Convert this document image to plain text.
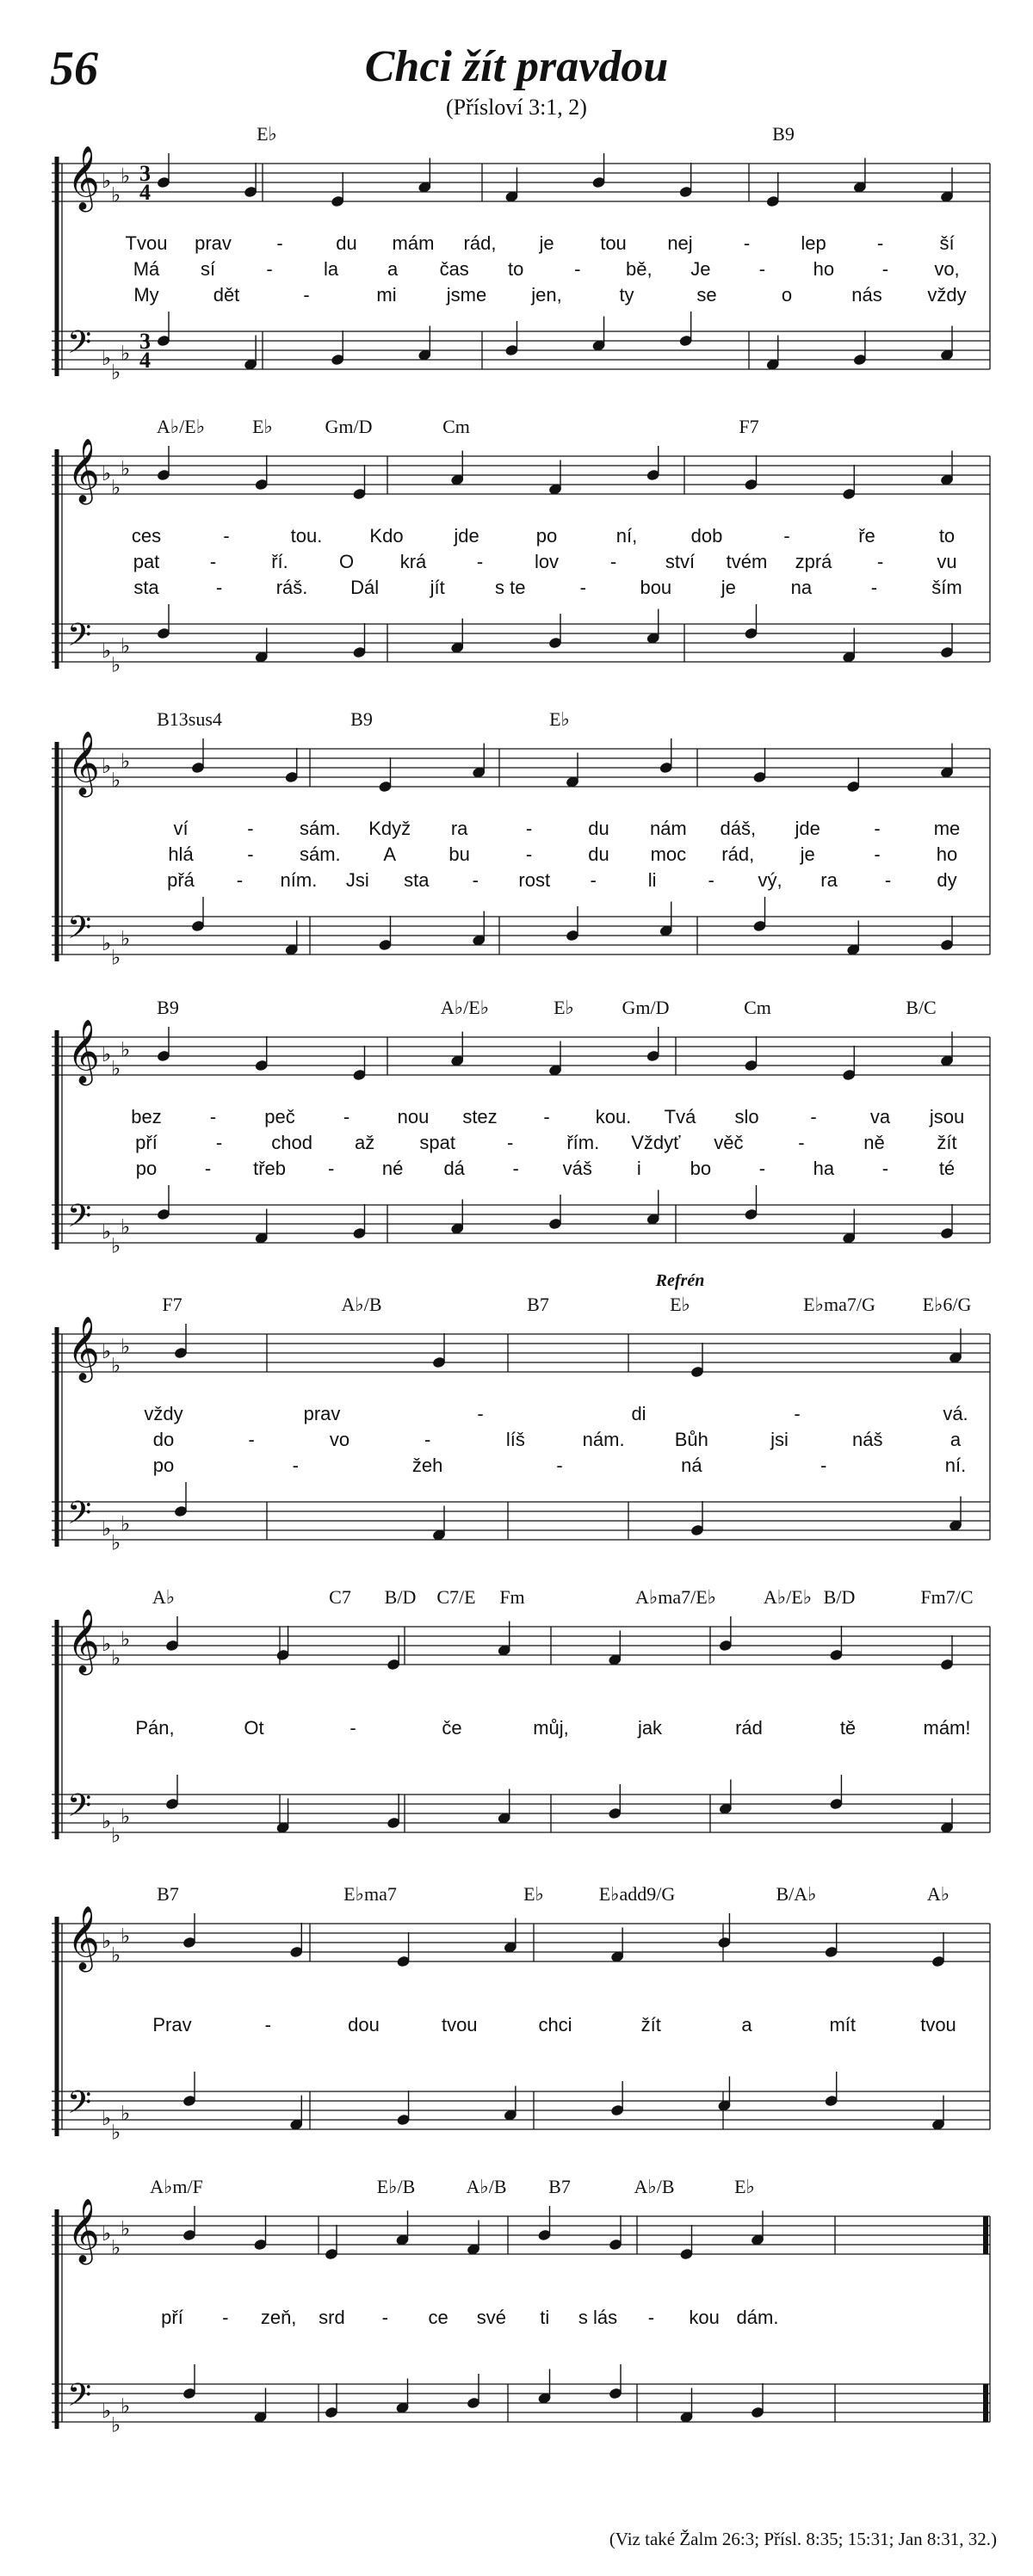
56	Chci žít pravdou
(Přísloví 3:1, 2)
𝄞
𝄢
♭
♭
♭
♭
♭
♭
3
4
3
4
E♭	B9
Tvou prav -	du mám rád, je tou nej	-	lep	-	ší
Má sí	-	la	a čas to	- bě, Je	-	ho	- vo,
My	dět	-	mi	jsme jen,	ty	se	o	nás vždy
𝄞
𝄢
♭
♭
♭
♭
♭
♭
A♭/E♭ E♭	Gm/D	Cm	F7
ces	-	tou.	Kdo	jde	po	ní,	dob	-	ře	to
pat	-	ří.	O krá	-	lov	-	ství tvém zprá -	vu
sta	-	ráš. Dál	jít	s te	-	bou	je	na	-	ším
𝄞
𝄢
♭
♭
♭
♭
♭
♭
B13sus4	B9	E♭
ví	- sám. Když ra	-	du nám dáš, jde	-	me
hlá	- sám. A	bu	-	du moc rád, je	-	ho
přá - ním. Jsi sta - rost -	li	- vý, ra	- dy
𝄞
𝄢
♭
♭
♭
♭
♭
♭
B9	A♭/E♭	E♭	Gm/D	Cm	B/C
bez	-	peč	-	nou stez - kou. Tvá slo	-	va jsou
pří	-	chod až spat	-	řím. Vždyť věč	-	ně	žít
po	- třeb -	né dá	- váš i	bo	-	ha	-	té
𝄞
𝄢
♭
♭
♭
♭
♭
♭
F7	A♭/B	B7	E♭	E♭ma7/G E♭6/G
Refrén
vždy	prav	-	di	-	vá.
do	-	vo	-	líš	nám.	Bůh	jsi	náš	a
po	-	žeh	-	ná	-	ní.
𝄞
𝄢
♭
♭
♭
♭
♭
♭
A♭	C7 B/D C7/E Fm	A♭ma7/E♭ A♭/E♭ B/D	Fm7/C
Pán,	Ot	-	če	můj,	jak	rád	tě	mám!
𝄞
𝄢
♭
♭
♭
♭
♭
♭
B7	E♭ma7	E♭	E♭add9/G	B/A♭	A♭
Prav	-	dou	tvou	chci	žít	a	mít	tvou
𝄞
𝄢
♭
♭
♭
♭
♭
♭
A♭m/F	E♭/B	A♭/B B7	A♭/B	E♭
pří - zeň, srd - ce své ti s lás - kou dám.
(Viz také Žalm 26:3; Přísl. 8:35; 15:31; Jan 8:31, 32.)
